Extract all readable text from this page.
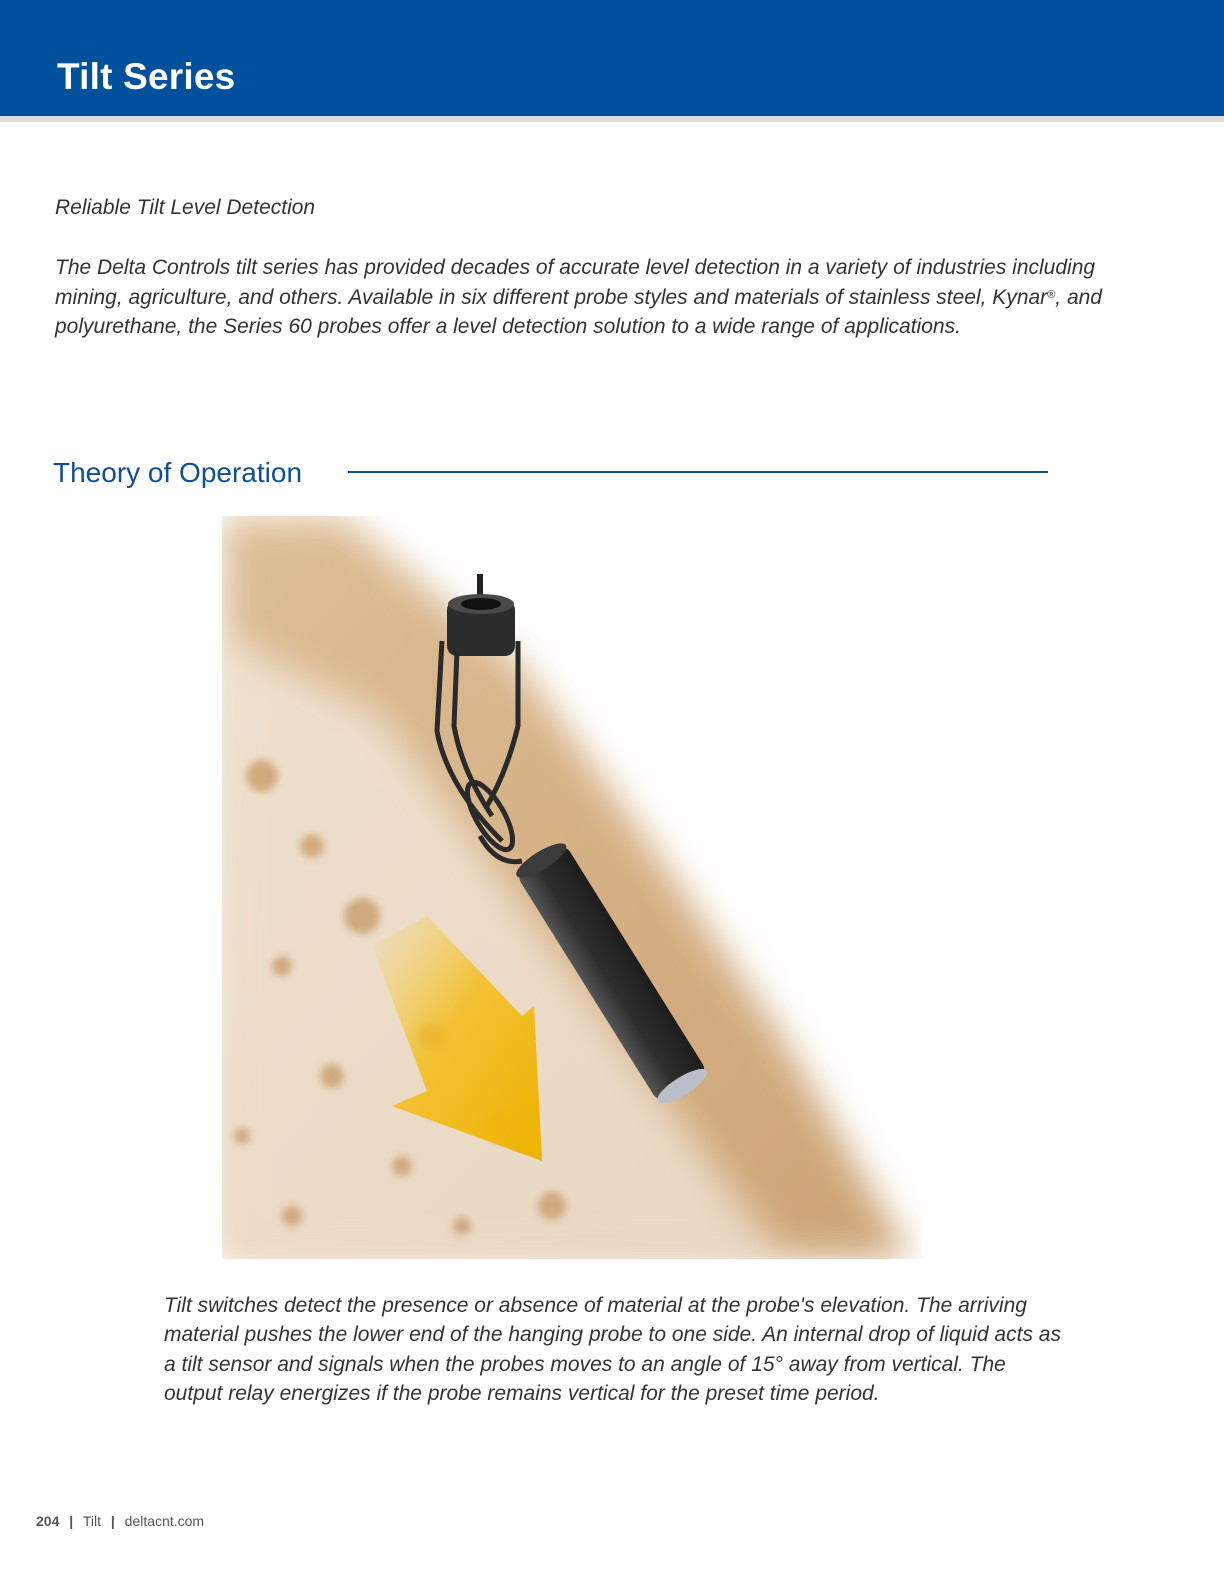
Tilt Series
Reliable Tilt Level Detection

The Delta Controls tilt series has provided decades of accurate level detection in a variety of industries including mining, agriculture, and others. Available in six different probe styles and materials of stainless steel, Kynar®, and polyurethane, the Series 60 probes offer a level detection solution to a wide range of applications.

Theory of Operation

Tilt switches detect the presence or absence of material at the probe's elevation. The arriving material pushes the lower end of the hanging probe to one side. An internal drop of liquid acts as a tilt sensor and signals when the probes moves to an angle of 15° away from vertical. The output relay energizes if the probe remains vertical for the preset time period.

204 | Tilt | deltacnt.com
